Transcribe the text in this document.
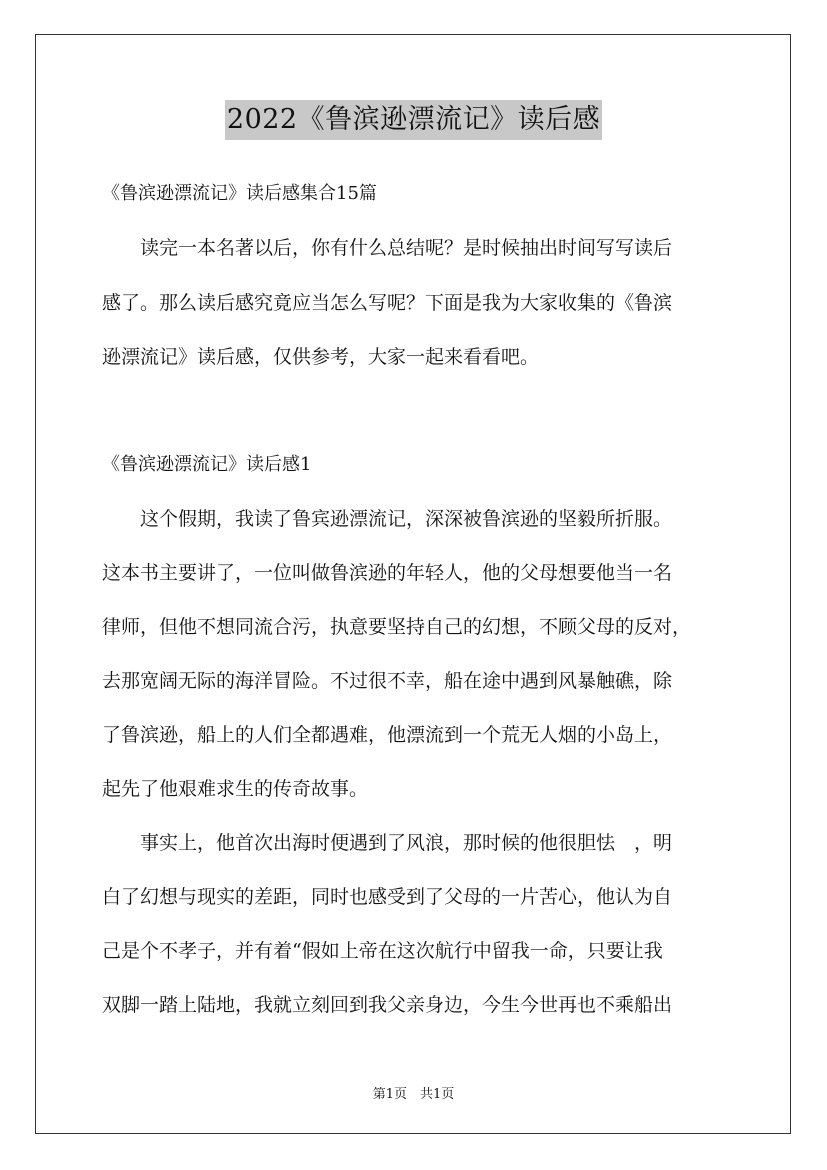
2022《鲁滨逊漂流记》读后感
《鲁滨逊漂流记》读后感集合15篇
　　读完一本名著以后，你有什么总结呢？是时候抽出时间写写读后
感了。那么读后感究竟应当怎么写呢？下面是我为大家收集的《鲁滨
逊漂流记》读后感，仅供参考，大家一起来看看吧。
《鲁滨逊漂流记》读后感1
　　这个假期，我读了鲁宾逊漂流记，深深被鲁滨逊的坚毅所折服。
这本书主要讲了，一位叫做鲁滨逊的年轻人，他的父母想要他当一名
律师，但他不想同流合污，执意要坚持自己的幻想，不顾父母的反对，
去那宽阔无际的海洋冒险。不过很不幸，船在途中遇到风暴触礁，除
了鲁滨逊，船上的人们全都遇难，他漂流到一个荒无人烟的小岛上，
起先了他艰难求生的传奇故事。
　　事实上，他首次出海时便遇到了风浪，那时候的他很胆怯　，明
白了幻想与现实的差距，同时也感受到了父母的一片苦心，他认为自
己是个不孝子，并有着“假如上帝在这次航行中留我一命，只要让我
双脚一踏上陆地，我就立刻回到我父亲身边，今生今世再也不乘船出
第1页　共1页
